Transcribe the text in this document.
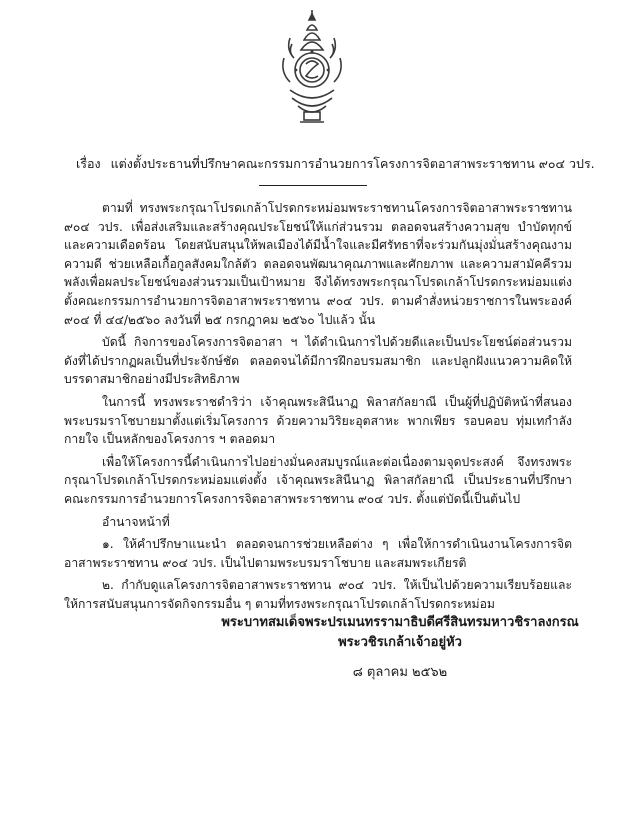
เรื่อง แต่งตั้งประธานที่ปรึกษาคณะกรรมการอำนวยการโครงการจิตอาสาพระราชทาน ๙๐๔ วปร.

ตามที่ ทรงพระกรุณาโปรดเกล้าโปรดกระหม่อมพระราชทานโครงการจิตอาสาพระราชทาน ๙๐๔ วปร. เพื่อส่งเสริมและสร้างคุณประโยชน์ให้แก่ส่วนรวม ตลอดจนสร้างความสุข บำบัดทุกข์ และความเดือดร้อน โดยสนับสนุนให้พลเมืองได้มีน้ำใจและมีศรัทธาที่จะร่วมกันมุ่งมั่นสร้างคุณงามความดี ช่วยเหลือเกื้อกูลสังคมใกล้ตัว ตลอดจนพัฒนาคุณภาพและศักยภาพ และความสามัคคีรวมพลังเพื่อผลประโยชน์ของส่วนรวมเป็นเป้าหมาย จึงได้ทรงพระกรุณาโปรดเกล้าโปรดกระหม่อมแต่งตั้งคณะกรรมการอำนวยการจิตอาสาพระราชทาน ๙๐๔ วปร. ตามคำสั่งหน่วยราชการในพระองค์ ๙๐๔ ที่ ๔๔/๒๕๖๐ ลงวันที่ ๒๕ กรกฎาคม ๒๕๖๐ ไปแล้ว นั้น

บัดนี้ กิจการของโครงการจิตอาสา ฯ ได้ดำเนินการไปด้วยดีและเป็นประโยชน์ต่อส่วนรวม ดังที่ได้ปรากฏผลเป็นที่ประจักษ์ชัด ตลอดจนได้มีการฝึกอบรมสมาชิก และปลูกฝังแนวความคิดให้บรรดาสมาชิกอย่างมีประสิทธิภาพ

ในการนี้ ทรงพระราชดำริว่า เจ้าคุณพระสินีนาฏ พิลาสกัลยาณี เป็นผู้ที่ปฏิบัติหน้าที่สนองพระบรมราโชบายมาตั้งแต่เริ่มโครงการ ด้วยความวิริยะอุตสาหะ พากเพียร รอบคอบ ทุ่มเทกำลังกายใจ เป็นหลักของโครงการ ฯ ตลอดมา

เพื่อให้โครงการนี้ดำเนินการไปอย่างมั่นคงสมบูรณ์และต่อเนื่องตามจุดประสงค์ จึงทรงพระกรุณาโปรดเกล้าโปรดกระหม่อมแต่งตั้ง เจ้าคุณพระสินีนาฏ พิลาสกัลยาณี เป็นประธานที่ปรึกษาคณะกรรมการอำนวยการโครงการจิตอาสาพระราชทาน ๙๐๔ วปร. ตั้งแต่บัดนี้เป็นต้นไป

อำนาจหน้าที่

๑. ให้คำปรึกษาแนะนำ ตลอดจนการช่วยเหลือต่าง ๆ เพื่อให้การดำเนินงานโครงการจิตอาสาพระราชทาน ๙๐๔ วปร. เป็นไปตามพระบรมราโชบาย และสมพระเกียรติ

๒. กำกับดูแลโครงการจิตอาสาพระราชทาน ๙๐๔ วปร. ให้เป็นไปด้วยความเรียบร้อยและให้การสนับสนุนการจัดกิจกรรมอื่น ๆ ตามที่ทรงพระกรุณาโปรดเกล้าโปรดกระหม่อม

พระบาทสมเด็จพระปรเมนทรรามาธิบดีศรีสินทรมหาวชิราลงกรณ
พระวชิรเกล้าเจ้าอยู่หัว
๘ ตุลาคม ๒๕๖๒
